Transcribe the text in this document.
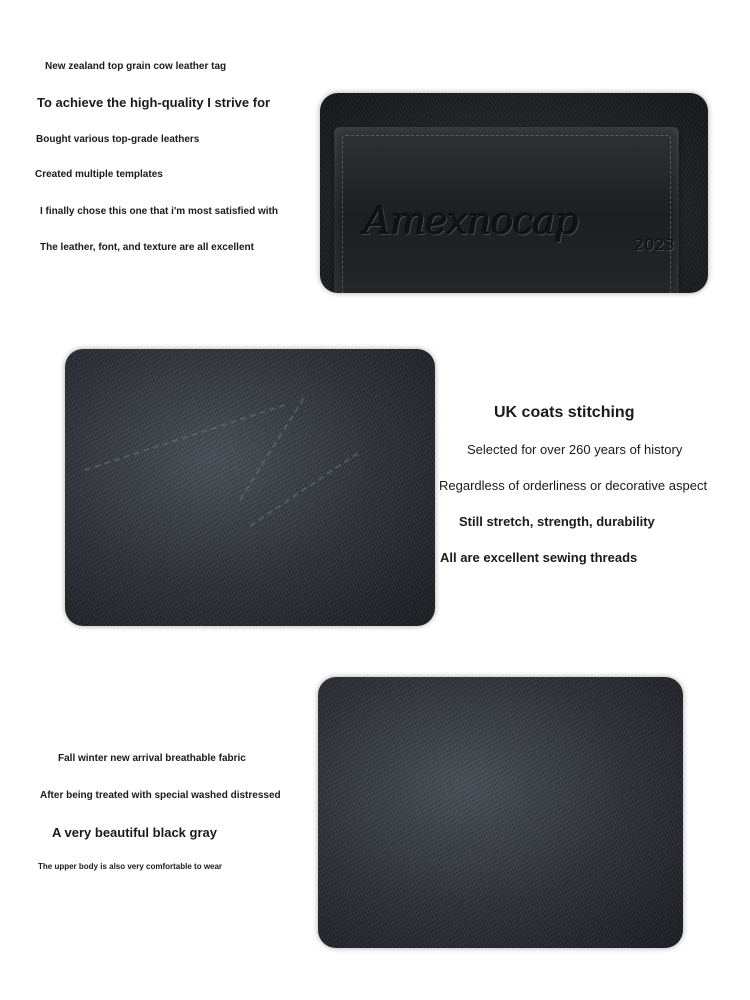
New zealand top grain cow leather tag
To achieve the high-quality I strive for
Bought various top-grade leathers
Created multiple templates
I finally chose this one that i'm most satisfied with
The leather, font, and texture are all excellent
Amexnocap
2023
UK coats stitching
Selected for over 260 years of history
Regardless of orderliness or decorative aspect
Still stretch, strength, durability
All are excellent sewing threads
Fall winter new arrival breathable fabric
After being treated with special washed distressed
A very beautiful black gray
The upper body is also very comfortable to wear
